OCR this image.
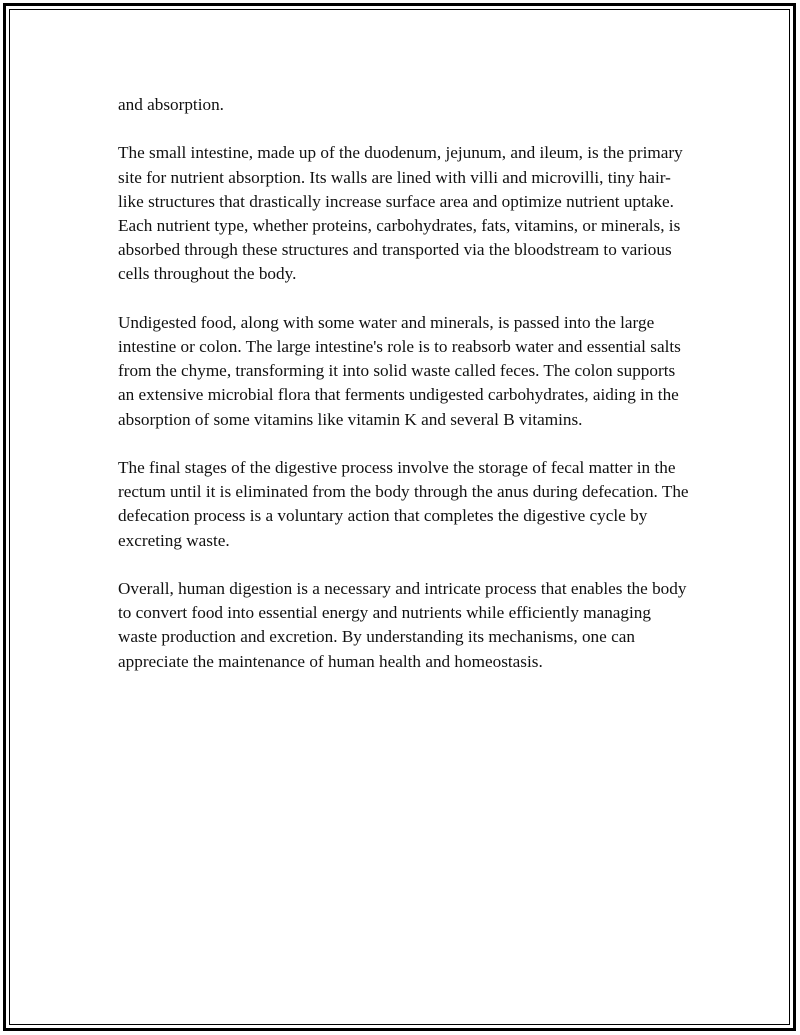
and absorption.

The small intestine, made up of the duodenum, jejunum, and ileum, is the primary site for nutrient absorption. Its walls are lined with villi and microvilli, tiny hair-like structures that drastically increase surface area and optimize nutrient uptake. Each nutrient type, whether proteins, carbohydrates, fats, vitamins, or minerals, is absorbed through these structures and transported via the bloodstream to various cells throughout the body.

Undigested food, along with some water and minerals, is passed into the large intestine or colon. The large intestine's role is to reabsorb water and essential salts from the chyme, transforming it into solid waste called feces. The colon supports an extensive microbial flora that ferments undigested carbohydrates, aiding in the absorption of some vitamins like vitamin K and several B vitamins.

The final stages of the digestive process involve the storage of fecal matter in the rectum until it is eliminated from the body through the anus during defecation. The defecation process is a voluntary action that completes the digestive cycle by excreting waste.

Overall, human digestion is a necessary and intricate process that enables the body to convert food into essential energy and nutrients while efficiently managing waste production and excretion. By understanding its mechanisms, one can appreciate the maintenance of human health and homeostasis.
